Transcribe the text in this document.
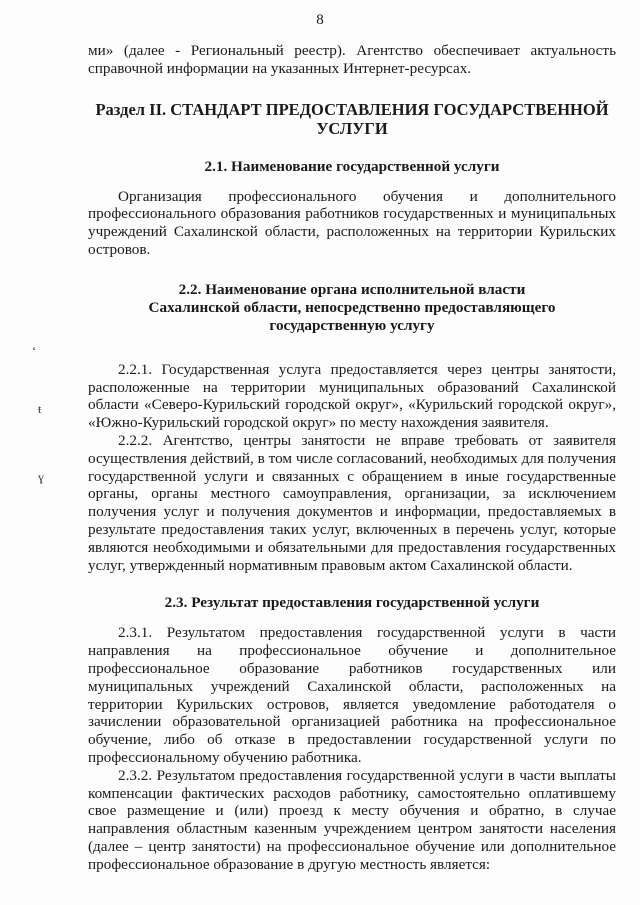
8
ʻ
ŧ
ɣ

ми» (далее - Региональный реестр). Агентство обеспечивает актуальность справочной информации на указанных Интернет-ресурсах.

Раздел II. СТАНДАРТ ПРЕДОСТАВЛЕНИЯ ГОСУДАРСТВЕННОЙ УСЛУГИ
2.1. Наименование государственной услуги

Организация профессионального обучения и дополнительного профессионального образования работников государственных и муниципальных учреждений Сахалинской области, расположенных на территории Курильских островов.

2.2. Наименование органа исполнительной власти
Сахалинской области, непосредственно предоставляющего
государственную услугу

2.2.1. Государственная услуга предоставляется через центры занятости, расположенные на территории муниципальных образований Сахалинской области «Северо-Курильский городской округ», «Курильский городской округ», «Южно-Курильский городской округ» по месту нахождения заявителя.

2.2.2. Агентство, центры занятости не вправе требовать от заявителя осуществления действий, в том числе согласований, необходимых для получения государственной услуги и связанных с обращением в иные государственные органы, органы местного самоуправления, организации, за исключением получения услуг и получения документов и информации, предоставляемых в результате предоставления таких услуг, включенных в перечень услуг, которые являются необходимыми и обязательными для предоставления государственных услуг, утвержденный нормативным правовым актом Сахалинской области.

2.3. Результат предоставления государственной услуги

2.3.1. Результатом предоставления государственной услуги в части направления на профессиональное обучение и дополнительное профессиональное образование работников государственных или муниципальных учреждений Сахалинской области, расположенных на территории Курильских островов, является уведомление работодателя о зачислении образовательной организацией работника на профессиональное обучение, либо об отказе в предоставлении государственной услуги по профессиональному обучению работника.

2.3.2. Результатом предоставления государственной услуги в части выплаты компенсации фактических расходов работнику, самостоятельно оплатившему свое размещение и (или) проезд к месту обучения и обратно, в случае направления областным казенным учреждением центром занятости населения (далее – центр занятости) на профессиональное обучение или дополнительное профессиональное образование в другую местность является:
